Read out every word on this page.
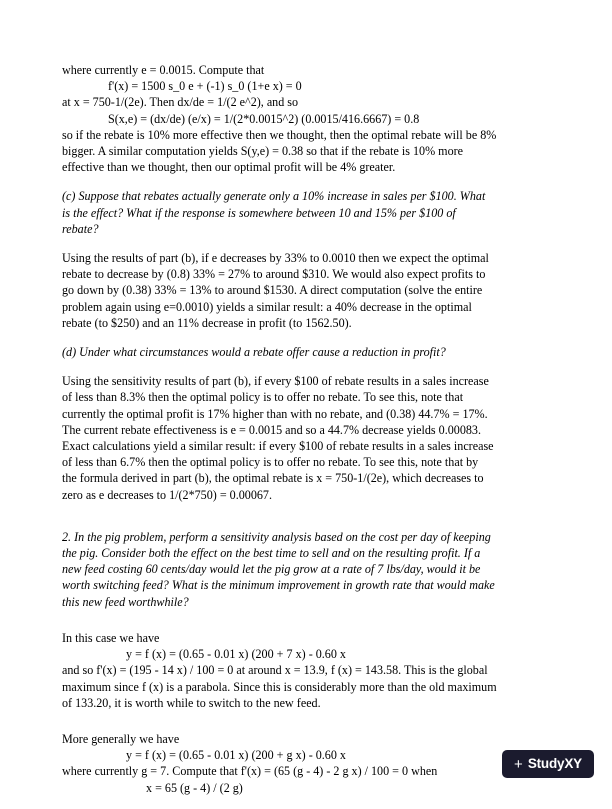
where currently e = 0.0015. Compute that

f'(x) = 1500 s_0 e + (-1) s_0 (1+e x) = 0

at x = 750-1/(2e). Then dx/de = 1/(2 e^2), and so

S(x,e) = (dx/de) (e/x) = 1/(2*0.0015^2) (0.0015/416.6667) = 0.8

so if the rebate is 10% more effective then we thought, then the optimal rebate will be 8%

bigger. A similar computation yields S(y,e) = 0.38 so that if the rebate is 10% more

effective than we thought, then our optimal profit will be 4% greater.

(c) Suppose that rebates actually generate only a 10% increase in sales per $100. What

is the effect? What if the response is somewhere between 10 and 15% per $100 of

rebate?

Using the results of part (b), if e decreases by 33% to 0.0010 then we expect the optimal

rebate to decrease by (0.8) 33% = 27% to around $310. We would also expect profits to

go down by (0.38) 33% = 13% to around $1530. A direct computation (solve the entire

problem again using e=0.0010) yields a similar result: a 40% decrease in the optimal

rebate (to $250) and an 11% decrease in profit (to 1562.50).

(d) Under what circumstances would a rebate offer cause a reduction in profit?

Using the sensitivity results of part (b), if every $100 of rebate results in a sales increase

of less than 8.3% then the optimal policy is to offer no rebate. To see this, note that

currently the optimal profit is 17% higher than with no rebate, and (0.38) 44.7% = 17%.

The current rebate effectiveness is e = 0.0015 and so a 44.7% decrease yields 0.00083.

Exact calculations yield a similar result: if every $100 of rebate results in a sales increase

of less than 6.7% then the optimal policy is to offer no rebate. To see this, note that by

the formula derived in part (b), the optimal rebate is x = 750-1/(2e), which decreases to

zero as e decreases to 1/(2*750) = 0.00067.

2. In the pig problem, perform a sensitivity analysis based on the cost per day of keeping

the pig. Consider both the effect on the best time to sell and on the resulting profit. If a

new feed costing 60 cents/day would let the pig grow at a rate of 7 lbs/day, would it be

worth switching feed? What is the minimum improvement in growth rate that would make

this new feed worthwhile?

In this case we have

y = f (x) = (0.65 - 0.01 x) (200 + 7 x) - 0.60 x

and so f'(x) = (195 - 14 x) / 100 = 0 at around x = 13.9, f (x) = 143.58. This is the global

maximum since f (x) is a parabola. Since this is considerably more than the old maximum

of 133.20, it is worth while to switch to the new feed.

More generally we have

y = f (x) = (0.65 - 0.01 x) (200 + g x) - 0.60 x

where currently g = 7. Compute that f'(x) = (65 (g - 4) - 2 g x) / 100 = 0 when

x = 65 (g - 4) / (2 g)

+ StudyXY
